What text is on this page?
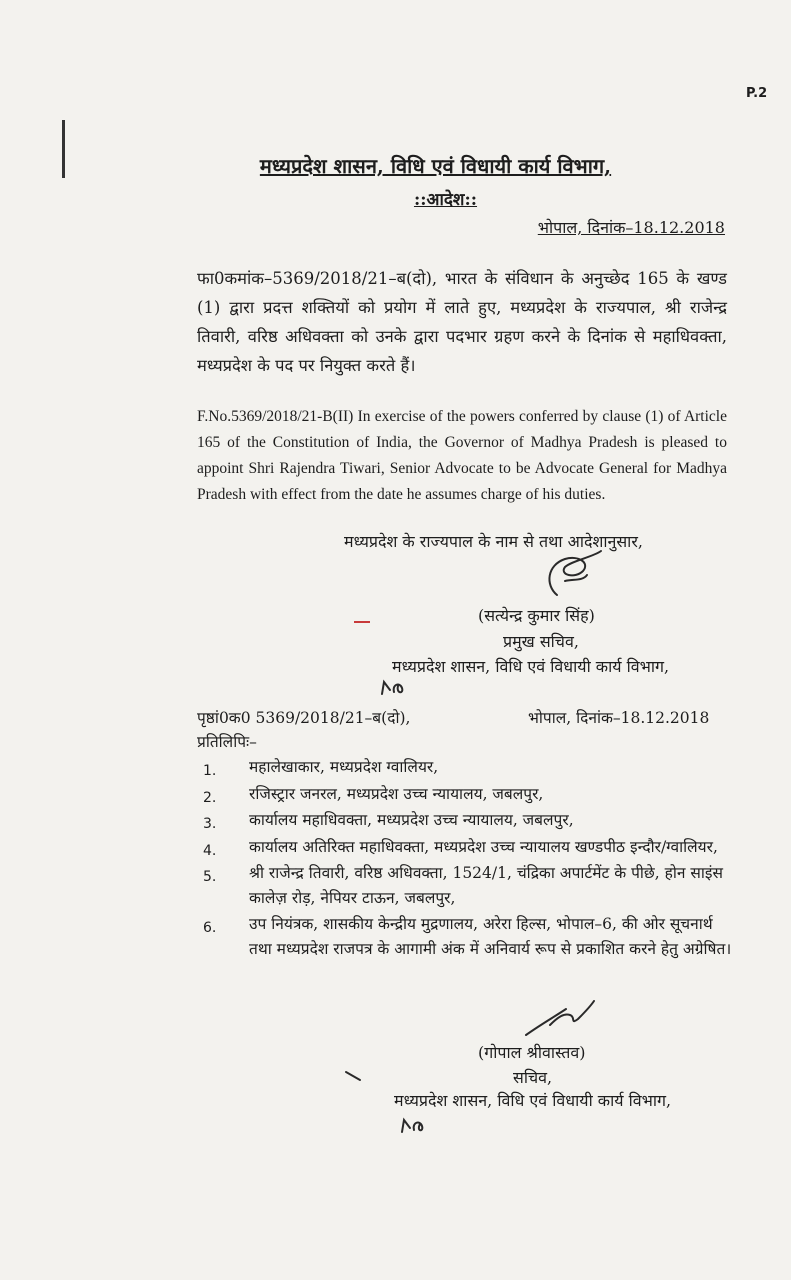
P.2
मध्यप्रदेश शासन, विधि एवं विधायी कार्य विभाग,
::आदेश::
भोपाल, दिनांक–18.12.2018
फा0कमांक–5369/2018/21–ब(दो), भारत के संविधान के अनुच्छेद 165 के खण्ड (1) द्वारा प्रदत्त शक्तियों को प्रयोग में लाते हुए, मध्यप्रदेश के राज्यपाल, श्री राजेन्द्र तिवारी, वरिष्ठ अधिवक्ता को उनके द्वारा पदभार ग्रहण करने के दिनांक से महाधिवक्ता, मध्यप्रदेश के पद पर नियुक्त करते हैं।
F.No.5369/2018/21-B(II) In exercise of the powers conferred by clause (1) of Article 165 of the Constitution of India, the Governor of Madhya Pradesh is pleased to appoint Shri Rajendra Tiwari, Senior Advocate to be Advocate General for Madhya Pradesh with effect from the date he assumes charge of his duties.
मध्यप्रदेश के राज्यपाल के नाम से तथा आदेशानुसार,
(सत्येन्द्र कुमार सिंह)
प्रमुख सचिव,
मध्यप्रदेश शासन, विधि एवं विधायी कार्य विभाग,
पृष्ठां0क0 5369/2018/21–ब(दो),	भोपाल, दिनांक–18.12.2018
प्रतिलिपिः–
1. महालेखाकार, मध्यप्रदेश ग्वालियर,
2. रजिस्ट्रार जनरल, मध्यप्रदेश उच्च न्यायालय, जबलपुर,
3. कार्यालय महाधिवक्ता, मध्यप्रदेश उच्च न्यायालय, जबलपुर,
4. कार्यालय अतिरिक्त महाधिवक्ता, मध्यप्रदेश उच्च न्यायालय खण्डपीठ इन्दौर/ग्वालियर,
5. श्री राजेन्द्र तिवारी, वरिष्ठ अधिवक्ता, 1524/1, चंद्रिका अपार्टमेंट के पीछे, होन साइंस कालेज़ रोड़, नेपियर टाऊन, जबलपुर,
6. उप नियंत्रक, शासकीय केन्द्रीय मुद्रणालय, अरेरा हिल्स, भोपाल–6, की ओर सूचनार्थ तथा मध्यप्रदेश राजपत्र के आगामी अंक में अनिवार्य रूप से प्रकाशित करने हेतु अग्रेषित।
(गोपाल श्रीवास्तव)
सचिव,
मध्यप्रदेश शासन, विधि एवं विधायी कार्य विभाग,
